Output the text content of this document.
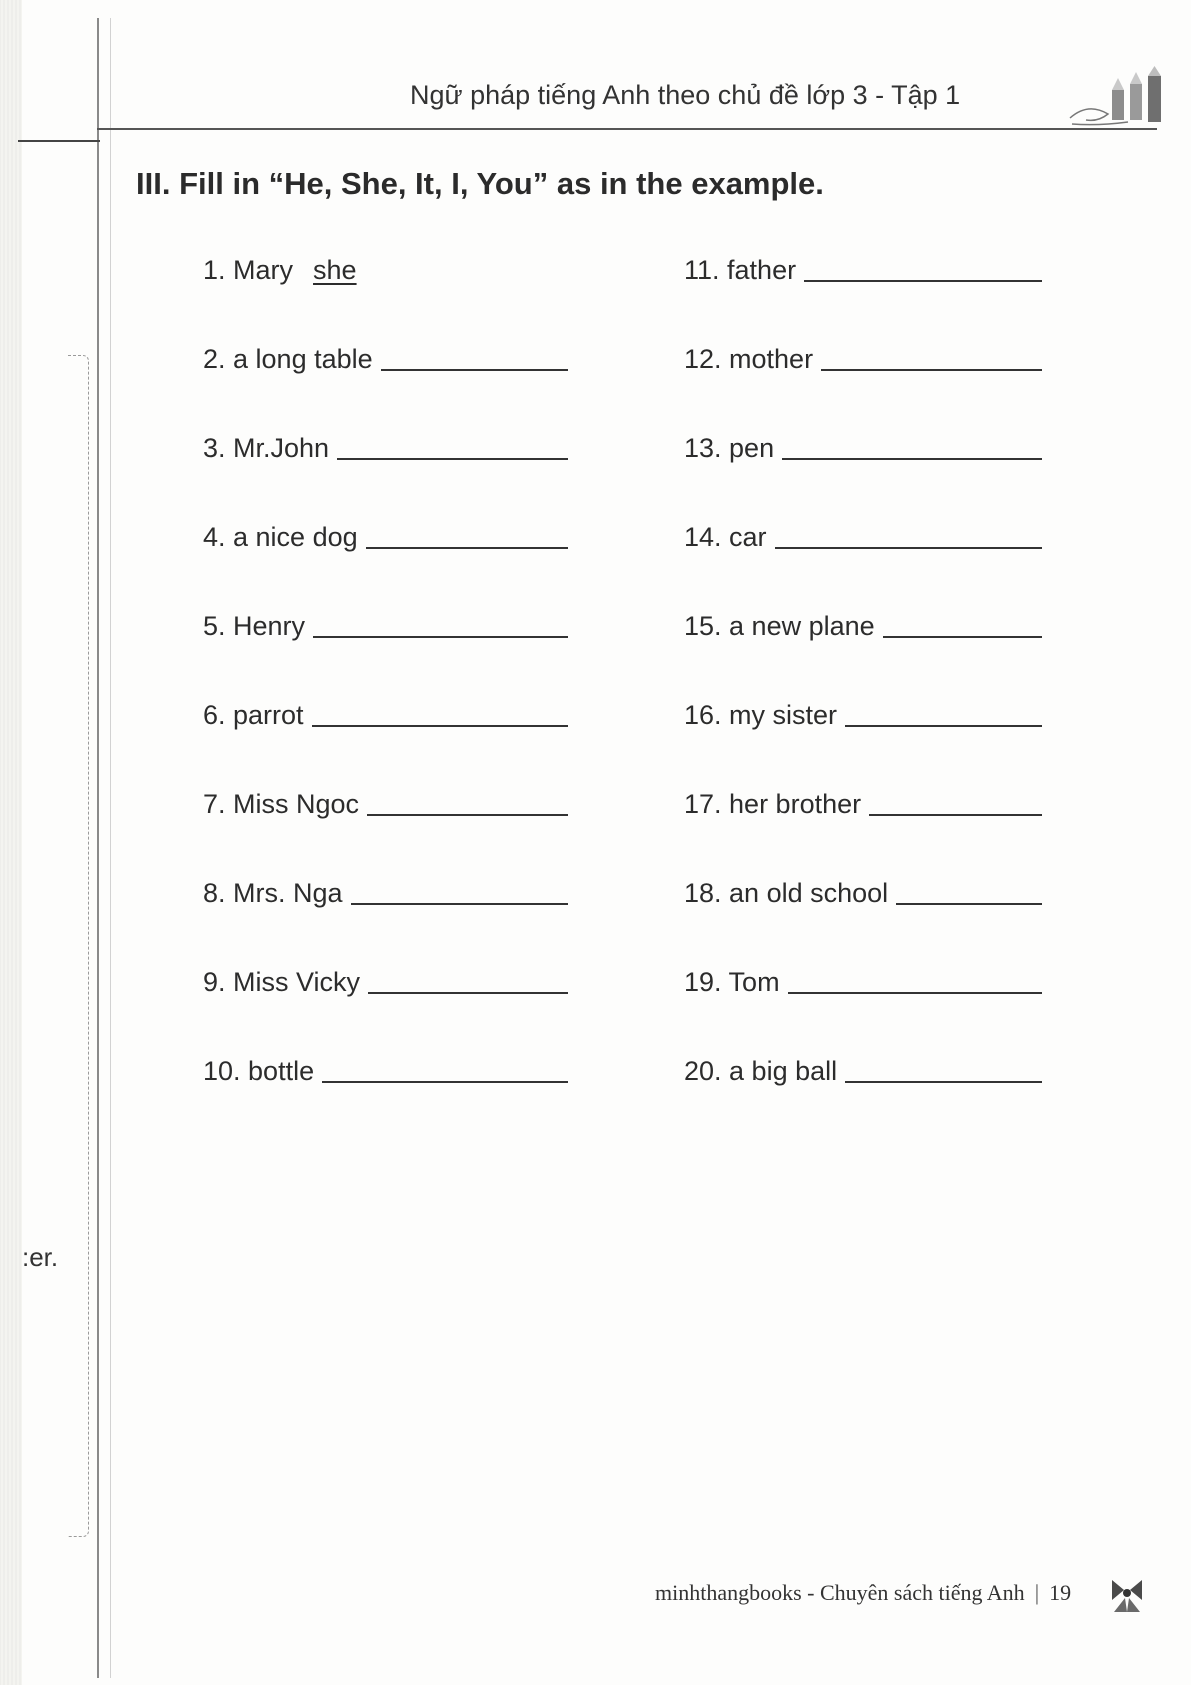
:er.
Ngữ pháp tiếng Anh theo chủ đề lớp 3 - Tập 1
III. Fill in “He, She, It, I, You” as in the example.
1. Mary she
2. a long table
3. Mr.John
4. a nice dog
5. Henry
6. parrot
7. Miss Ngoc
8. Mrs. Nga
9. Miss Vicky
10. bottle
11. father
12. mother
13. pen
14. car
15. a new plane
16. my sister
17. her brother
18. an old school
19. Tom
20. a big ball
minhthangbooks - Chuyên sách tiếng Anh | 19
